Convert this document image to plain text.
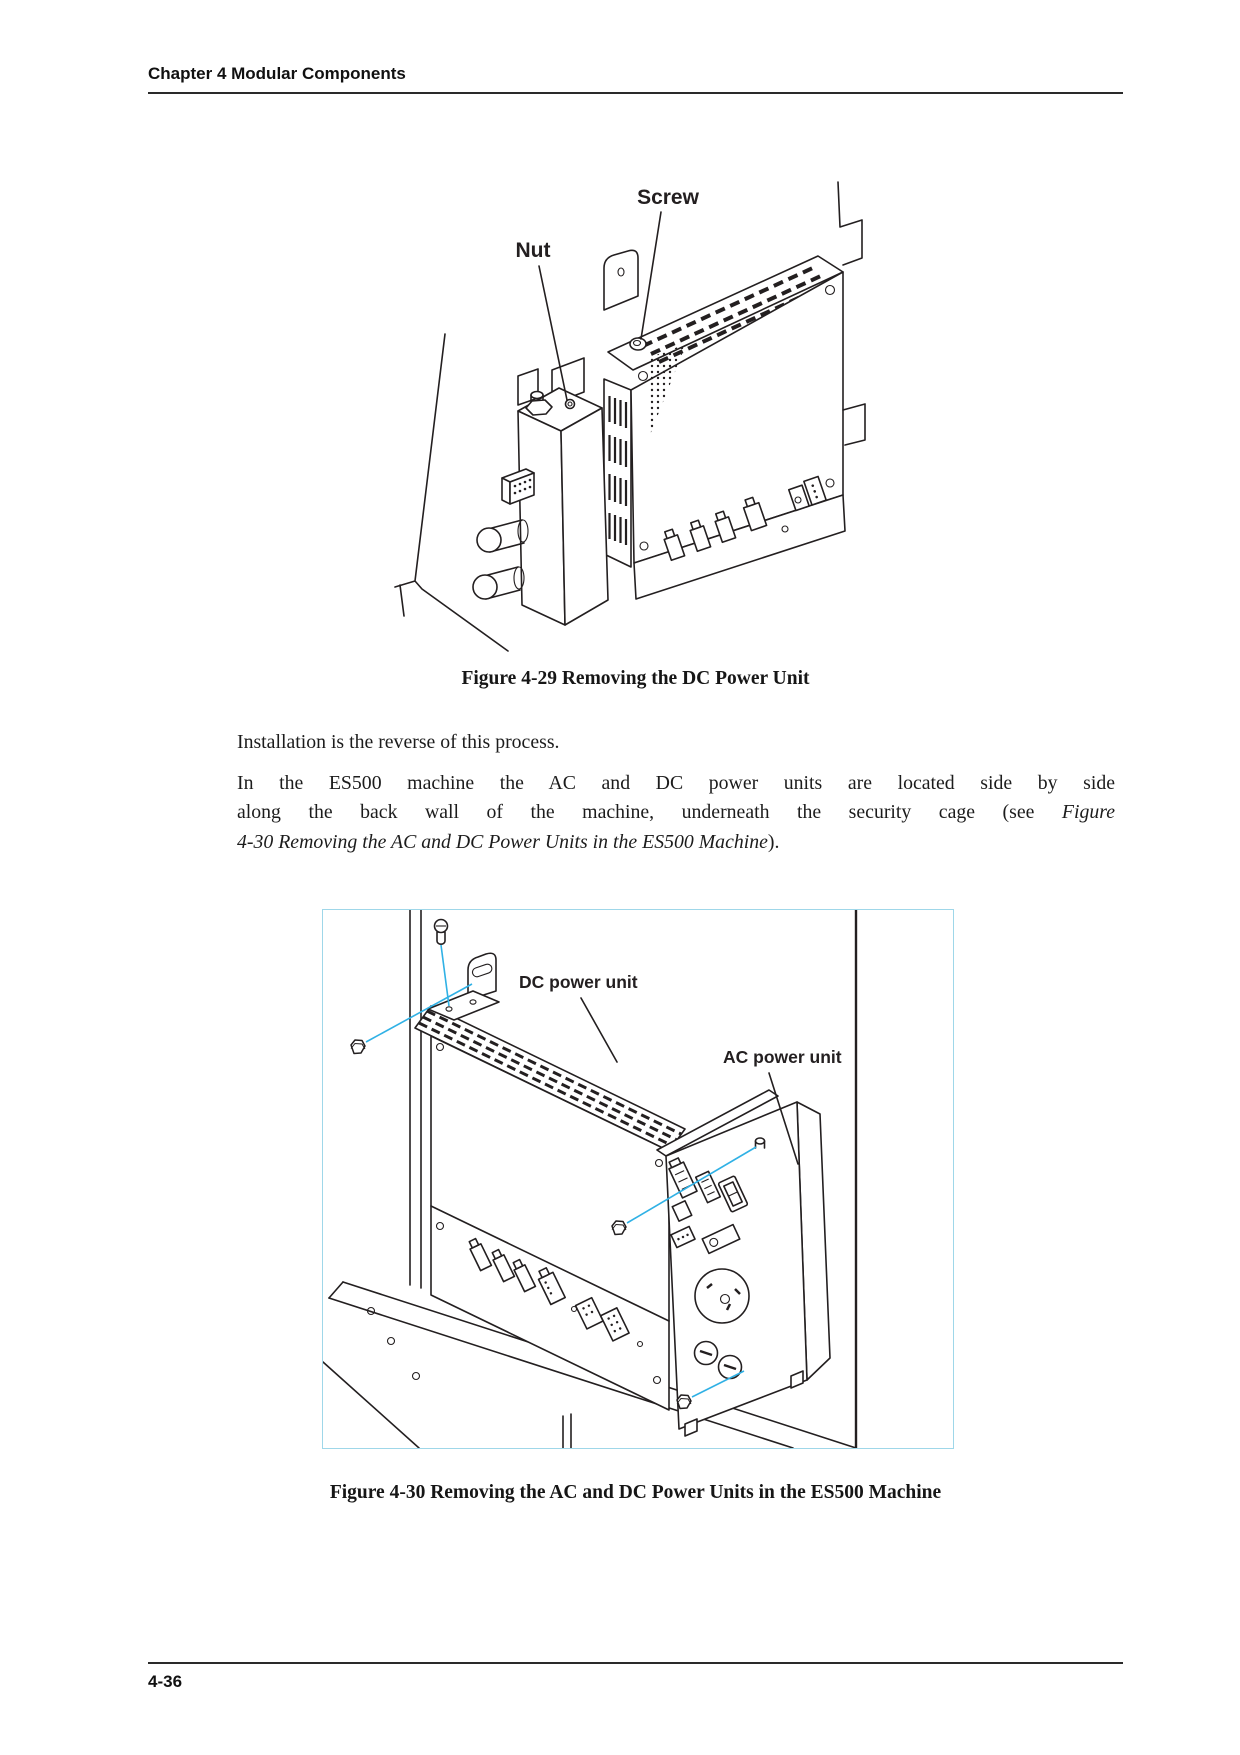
Chapter 4 Modular Components
Screw
Nut
Figure 4-29 Removing the DC Power Unit

Installation is the reverse of this process.

In the ES500 machine the AC and DC power units are located side by side
along the back wall of the machine, underneath the security cage (see Figure
4-30 Removing the AC and DC Power Units in the ES500 Machine).
DC power unit
AC power unit
Figure 4-30 Removing the AC and DC Power Units in the ES500 Machine
4-36
